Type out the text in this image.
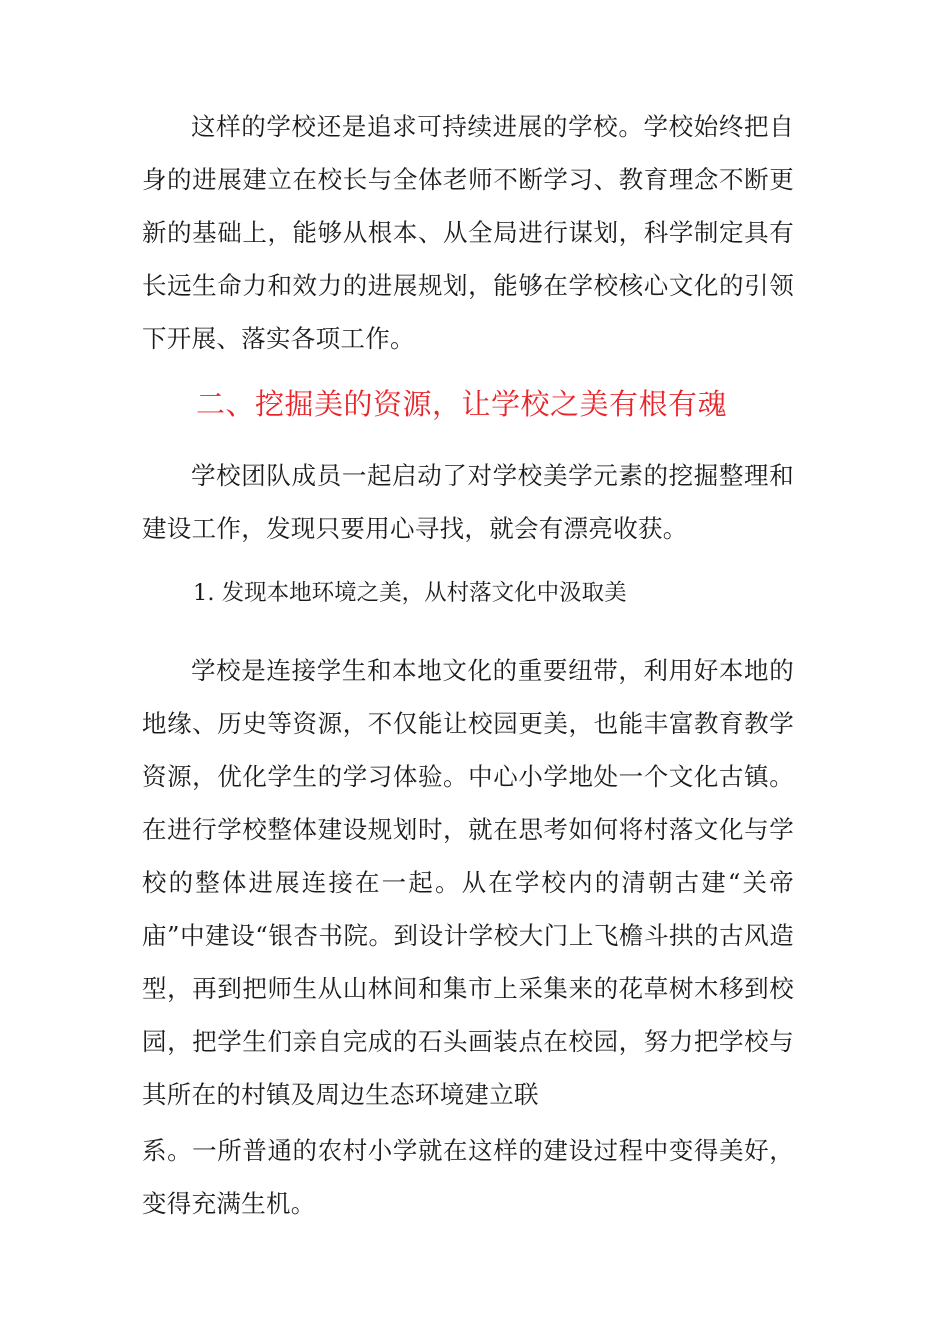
这样的学校还是追求可持续进展的学校。学校始终把自身的进展建立在校长与全体老师不断学习、教育理念不断更新的基础上，能够从根本、从全局进行谋划，科学制定具有长远生命力和效力的进展规划，能够在学校核心文化的引领下开展、落实各项工作。

二、挖掘美的资源，让学校之美有根有魂

学校团队成员一起启动了对学校美学元素的挖掘整理和建设工作，发现只要用心寻找，就会有漂亮收获。

1. 发现本地环境之美，从村落文化中汲取美

学校是连接学生和本地文化的重要纽带，利用好本地的地缘、历史等资源，不仅能让校园更美，也能丰富教育教学资源，优化学生的学习体验。中心小学地处一个文化古镇。在进行学校整体建设规划时，就在思考如何将村落文化与学校的整体进展连接在一起。从在学校内的清朝古建“关帝庙”中建设“银杏书院。到设计学校大门上飞檐斗拱的古风造型，再到把师生从山林间和集市上采集来的花草树木移到校园，把学生们亲自完成的石头画装点在校园，努力把学校与其所在的村镇及周边生态环境建立联

系。一所普通的农村小学就在这样的建设过程中变得美好，变得充满生机。
